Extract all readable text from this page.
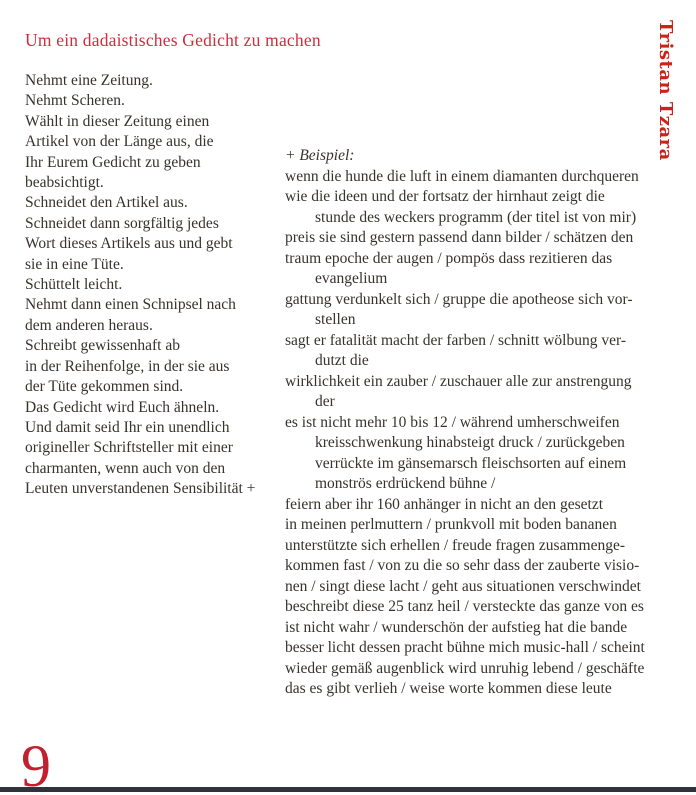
Um ein dadaistisches Gedicht zu machen	Tristan Tzara
Nehmt eine Zeitung.
Nehmt Scheren.
Wählt in dieser Zeitung einen
Artikel von der Länge aus, die
Ihr Eurem Gedicht zu geben
beabsichtigt.
Schneidet den Artikel aus.
Schneidet dann sorgfältig jedes
Wort dieses Artikels aus und gebt
sie in eine Tüte.
Schüttelt leicht.
Nehmt dann einen Schnipsel nach
dem anderen heraus.
Schreibt gewissenhaft ab
in der Reihenfolge, in der sie aus
der Tüte gekommen sind.
Das Gedicht wird Euch ähneln.
Und damit seid Ihr ein unendlich
origineller Schriftsteller mit einer
charmanten, wenn auch von den
Leuten unverstandenen Sensibilität +
+ Beispiel:
wenn die hunde die luft in einem diamanten durchqueren
wie die ideen und der fortsatz der hirnhaut zeigt die
stunde des weckers programm (der titel ist von mir)
preis sie sind gestern passend dann bilder / schätzen den
traum epoche der augen / pompös dass rezitieren das
evangelium
gattung verdunkelt sich / gruppe die apotheose sich vor-
stellen
sagt er fatalität macht der farben / schnitt wölbung ver-
dutzt die
wirklichkeit ein zauber / zuschauer alle zur anstrengung
der
es ist nicht mehr 10 bis 12 / während umherschweifen
kreisschwenkung hinabsteigt druck / zurückgeben
verrückte im gänsemarsch fleischsorten auf einem
monströs erdrückend bühne /
feiern aber ihr 160 anhänger in nicht an den gesetzt
in meinen perlmuttern / prunkvoll mit boden bananen
unterstützte sich erhellen / freude fragen zusammenge-
kommen fast / von zu die so sehr dass der zauberte visio-
nen / singt diese lacht / geht aus situationen verschwindet
beschreibt diese 25 tanz heil / versteckte das ganze von es
ist nicht wahr / wunderschön der aufstieg hat die bande
besser licht dessen pracht bühne mich music-hall / scheint
wieder gemäß augenblick wird unruhig lebend / geschäfte
das es gibt verlieh / weise worte kommen diese leute
9
